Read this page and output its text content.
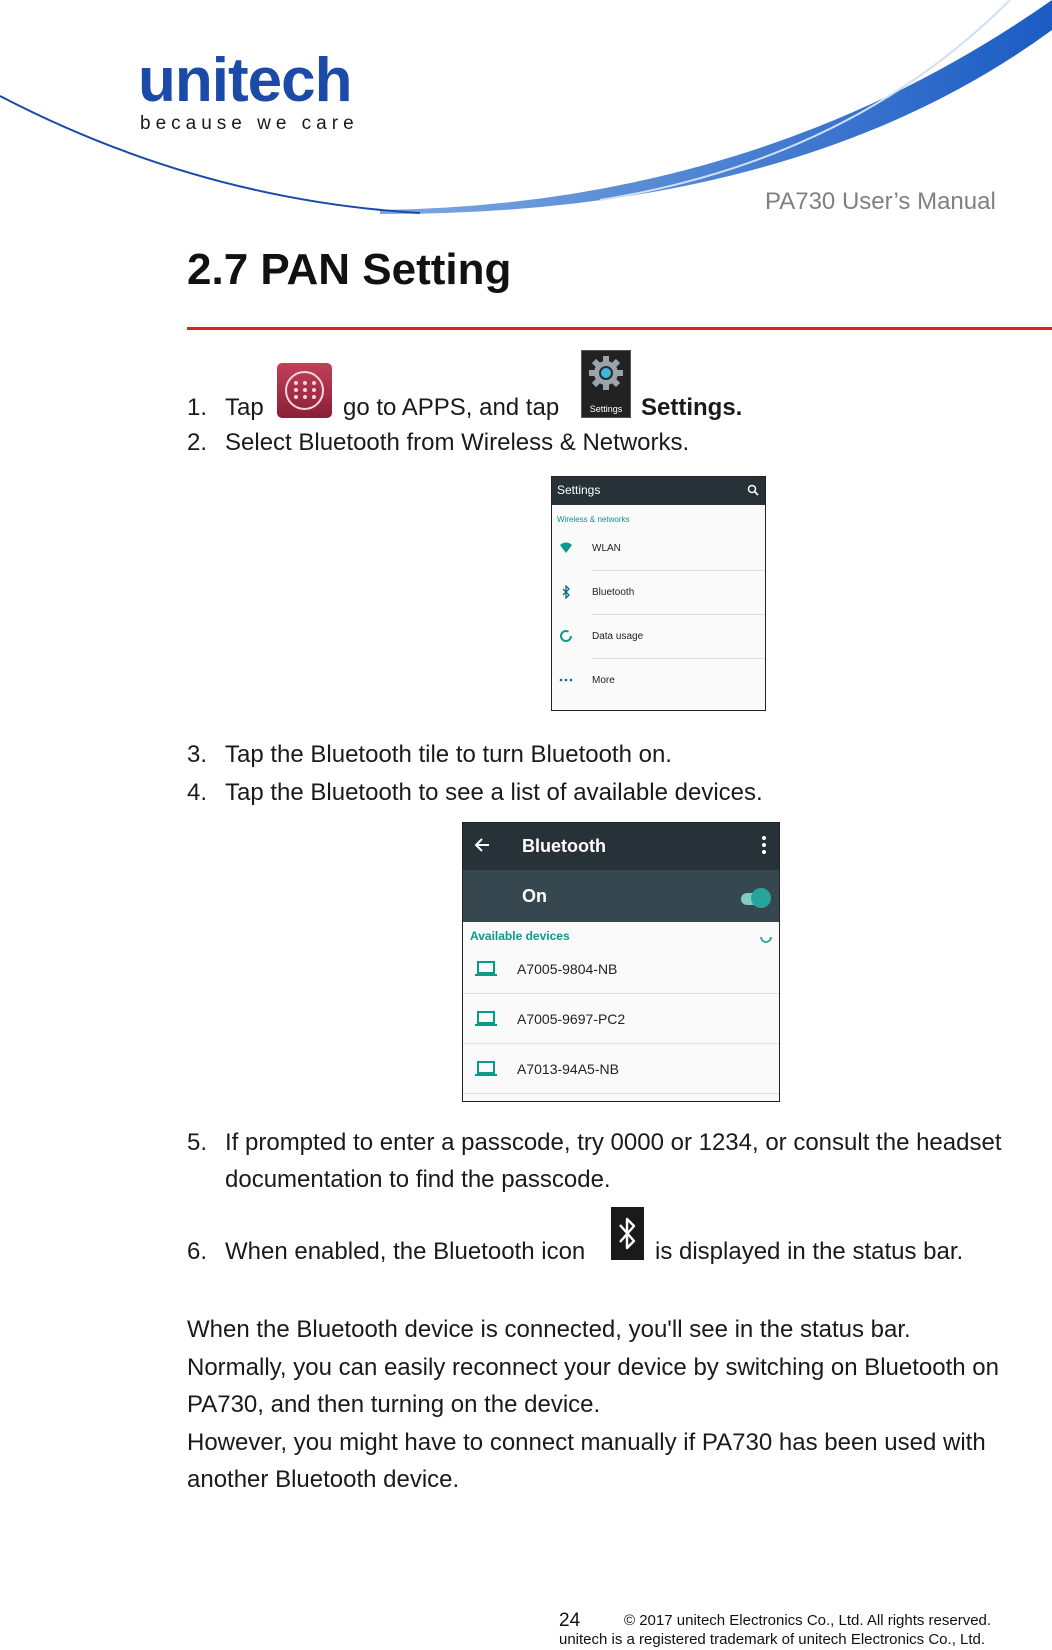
unitech
because we care
PA730 User’s Manual
2.7 PAN Setting
1. Tap	go to APPS, and tap	Settings.
Settings
2. Select Bluetooth from Wireless & Networks.
Settings
Wireless & networks
WLAN
Bluetooth
Data usage
More
3. Tap the Bluetooth tile to turn Bluetooth on.
4. Tap the Bluetooth to see a list of available devices.
Bluetooth
On
Available devices
A7005-9804-NB
A7005-9697-PC2
A7013-94A5-NB
5. If prompted to enter a passcode, try 0000 or 1234, or consult the headset
documentation to find the passcode.
6. When enabled, the Bluetooth icon	is displayed in the status bar.
When the Bluetooth device is connected, you'll see in the status bar.
Normally, you can easily reconnect your device by switching on Bluetooth on
PA730, and then turning on the device.
However, you might have to connect manually if PA730 has been used with
another Bluetooth device.
24	© 2017 unitech Electronics Co., Ltd. All rights reserved.
unitech is a registered trademark of unitech Electronics Co., Ltd.
